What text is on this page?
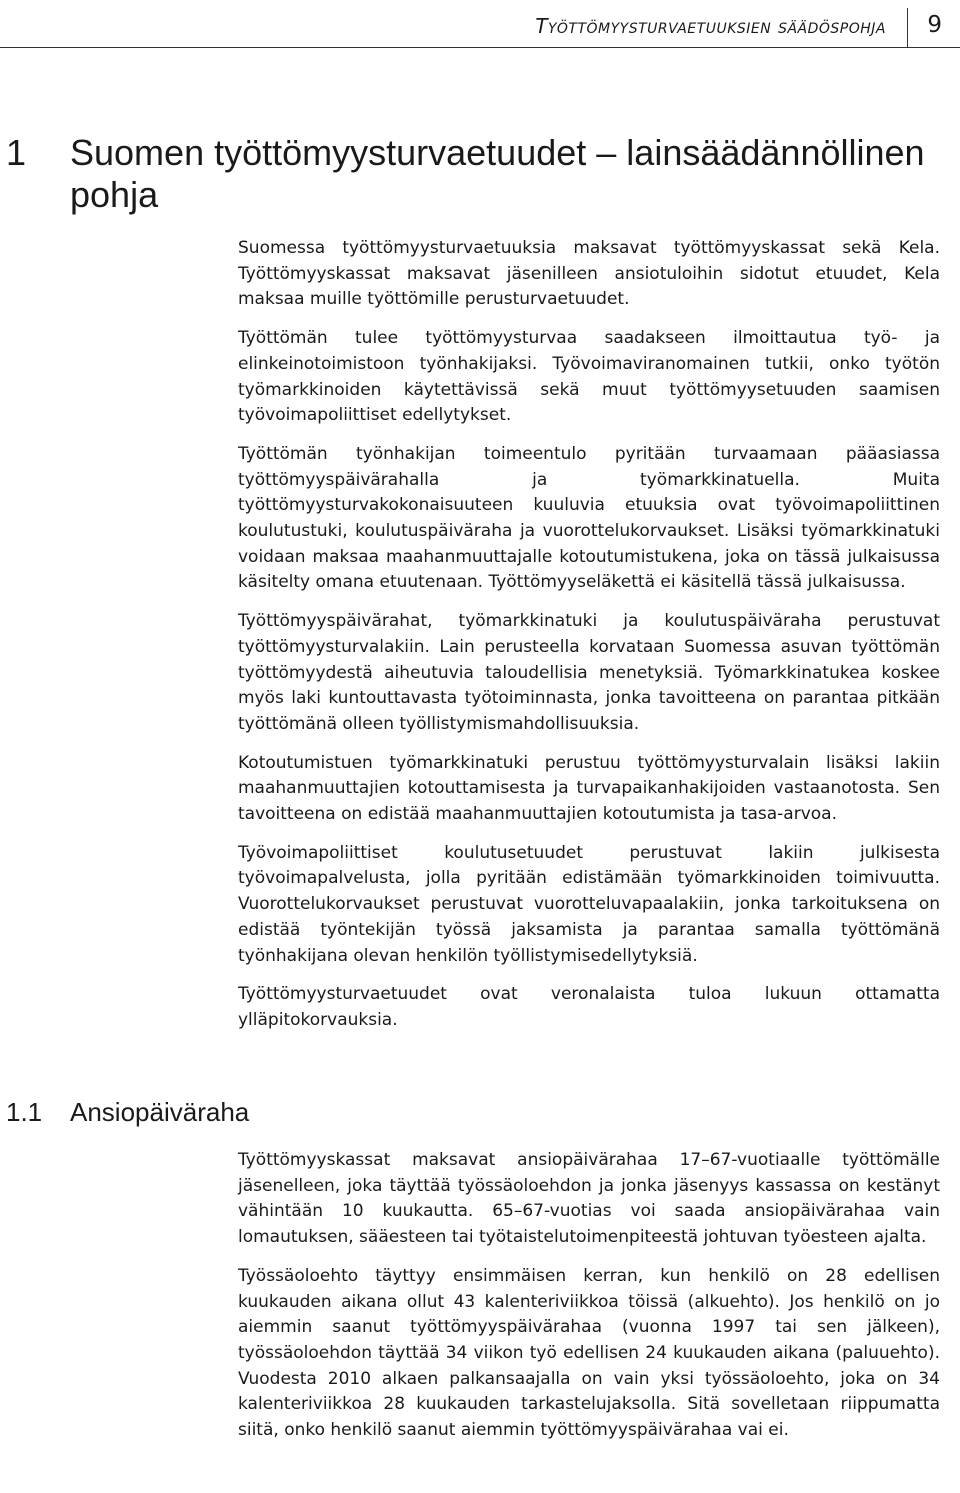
Työttömyysturvaetuuksien säädöspohja 9
1 Suomen työttömyysturvaetuudet – lainsäädännöllinen pohja

Suomessa työttömyysturvaetuuksia maksavat työttömyyskassat sekä Kela. Työttömyyskassat maksavat jäsenilleen ansiotuloihin sidotut etuudet, Kela maksaa muille työttömille perusturvaetuudet.

Työttömän tulee työttömyysturvaa saadakseen ilmoittautua työ- ja elinkeinotoimistoon työnhakijaksi. Työvoimaviranomainen tutkii, onko työtön työmarkkinoiden käytettävissä sekä muut työttömyysetuuden saamisen työvoimapoliittiset edellytykset.

Työttömän työnhakijan toimeentulo pyritään turvaamaan pääasiassa työttömyyspäivärahalla ja työmarkkinatuella. Muita työttömyysturvakokonaisuuteen kuuluvia etuuksia ovat työvoimapoliittinen koulutustuki, koulutuspäiväraha ja vuorottelukorvaukset. Lisäksi työmarkkinatuki voidaan maksaa maahanmuuttajalle kotoutumistukena, joka on tässä julkaisussa käsitelty omana etuutenaan. Työttömyyseläkettä ei käsitellä tässä julkaisussa.

Työttömyyspäivärahat, työmarkkinatuki ja koulutuspäiväraha perustuvat työttömyysturvalakiin. Lain perusteella korvataan Suomessa asuvan työttömän työttömyydestä aiheutuvia taloudellisia menetyksiä. Työmarkkinatukea koskee myös laki kuntouttavasta työtoiminnasta, jonka tavoitteena on parantaa pitkään työttömänä olleen työllistymismahdollisuuksia.

Kotoutumistuen työmarkkinatuki perustuu työttömyysturvalain lisäksi lakiin maahanmuuttajien kotouttamisesta ja turvapaikanhakijoiden vastaanotosta. Sen tavoitteena on edistää maahanmuuttajien kotoutumista ja tasa-arvoa.

Työvoimapoliittiset koulutusetuudet perustuvat lakiin julkisesta työvoimapalvelusta, jolla pyritään edistämään työmarkkinoiden toimivuutta. Vuorottelukorvaukset perustuvat vuorotteluvapaalakiin, jonka tarkoituksena on edistää työntekijän työssä jaksamista ja parantaa samalla työttömänä työnhakijana olevan henkilön työllistymisedellytyksiä.

Työttömyysturvaetuudet ovat veronalaista tuloa lukuun ottamatta ylläpitokorvauksia.

1.1 Ansiopäiväraha

Työttömyyskassat maksavat ansiopäivärahaa 17–67-vuotiaalle työttömälle jäsenelleen, joka täyttää työssäoloehdon ja jonka jäsenyys kassassa on kestänyt vähintään 10 kuukautta. 65–67-vuotias voi saada ansiopäivärahaa vain lomautuksen, sääesteen tai työtaistelutoimenpiteestä johtuvan työesteen ajalta.

Työssäoloehto täyttyy ensimmäisen kerran, kun henkilö on 28 edellisen kuukauden aikana ollut 43 kalenteriviikkoa töissä (alkuehto). Jos henkilö on jo aiemmin saanut työttömyyspäivärahaa (vuonna 1997 tai sen jälkeen), työssäoloehdon täyttää 34 viikon työ edellisen 24 kuukauden aikana (paluuehto). Vuodesta 2010 alkaen palkansaajalla on vain yksi työssäoloehto, joka on 34 kalenteriviikkoa 28 kuukauden tarkastelujaksolla. Sitä sovelletaan riippumatta siitä, onko henkilö saanut aiemmin työttömyyspäivärahaa vai ei.
